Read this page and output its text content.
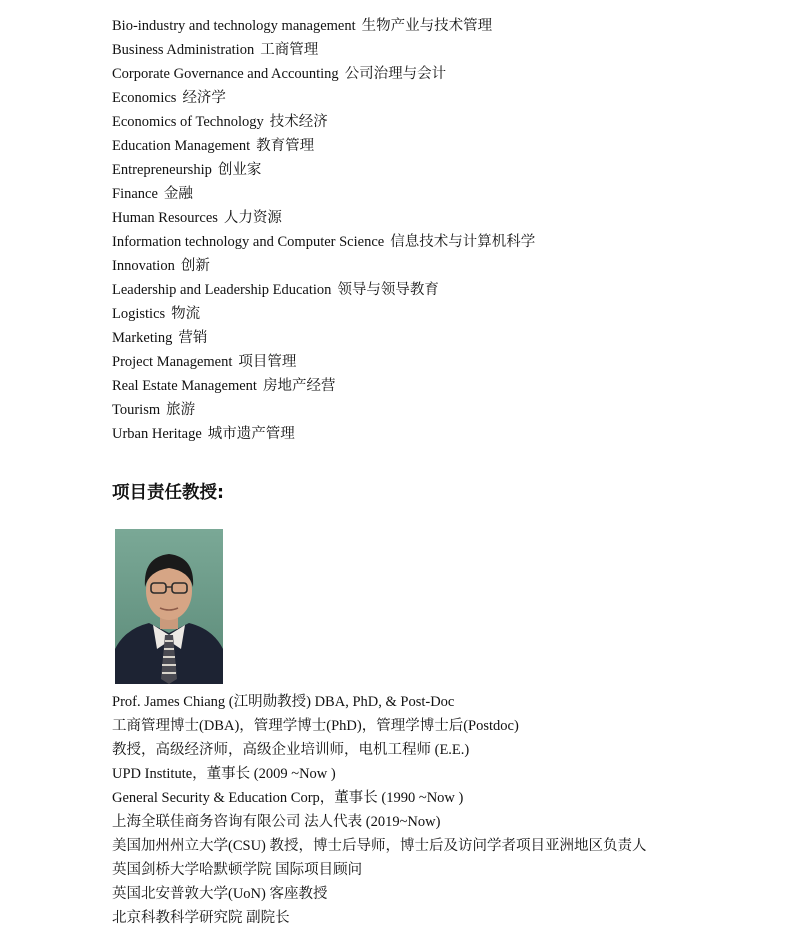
Bio-industry and technology management 生物产业与技术管理
Business Administration 工商管理
Corporate Governance and Accounting 公司治理与会计
Economics 经济学
Economics of Technology 技术经济
Education Management 教育管理
Entrepreneurship 创业家
Finance 金融
Human Resources 人力资源
Information technology and Computer Science 信息技术与计算机科学
Innovation 创新
Leadership and Leadership Education 领导与领导教育
Logistics 物流
Marketing 营销
Project Management 项目管理
Real Estate Management 房地产经营
Tourism 旅游
Urban Heritage 城市遗产管理
项目责任教授:
Prof. James Chiang (江明勋教授) DBA, PhD, & Post-Doc
工商管理博士(DBA)，管理学博士(PhD)，管理学博士后(Postdoc)
教授，高级经济师，高级企业培训师，电机工程师 (E.E.)
UPD Institute，董事长 (2009 ~Now )
General Security & Education Corp，董事长 (1990 ~Now )
上海全联佳商务咨询有限公司 法人代表 (2019~Now)
美国加州州立大学(CSU) 教授，博士后导师，博士后及访问学者项目亚洲地区负责人
英国剑桥大学哈默顿学院 国际项目顾问
英国北安普敦大学(UoN) 客座教授
北京科教科学研究院 副院长
